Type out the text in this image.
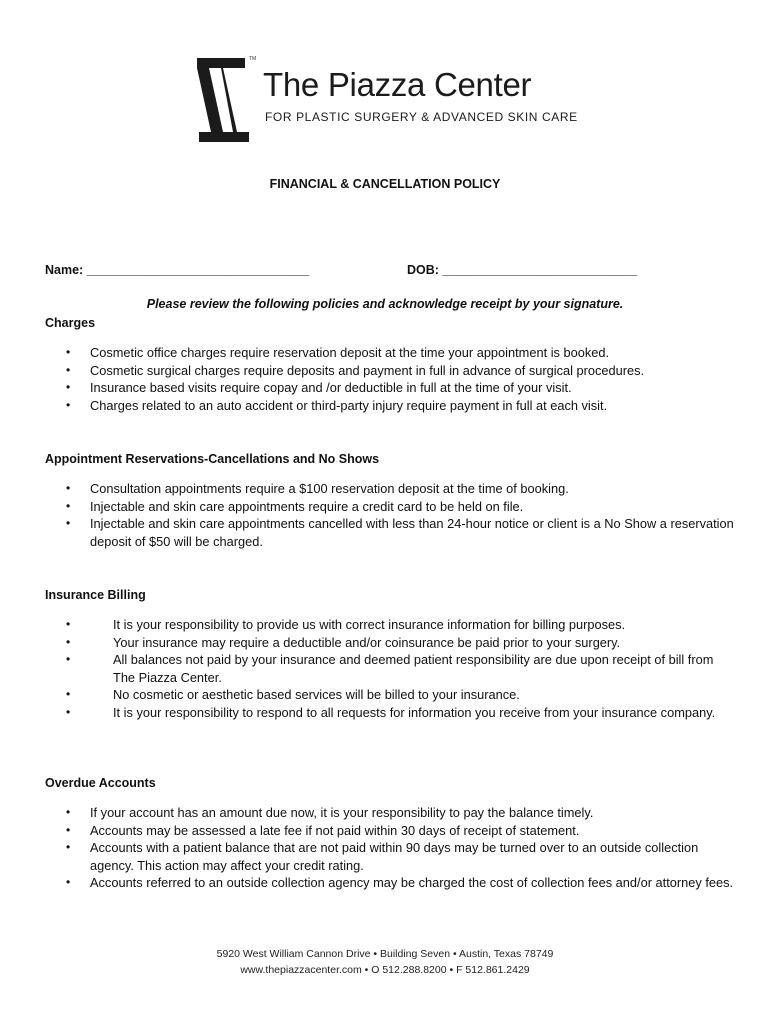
TM
The Piazza Center
FOR PLASTIC SURGERY & ADVANCED SKIN CARE
FINANCIAL & CANCELLATION POLICY
Name: ________________________________	DOB: ____________________________
Please review the following policies and acknowledge receipt by your signature.
Charges
• Cosmetic office charges require reservation deposit at the time your appointment is booked.
• Cosmetic surgical charges require deposits and payment in full in advance of surgical procedures.
• Insurance based visits require copay and /or deductible in full at the time of your visit.
• Charges related to an auto accident or third-party injury require payment in full at each visit.
Appointment Reservations-Cancellations and No Shows
• Consultation appointments require a $100 reservation deposit at the time of booking.
• Injectable and skin care appointments require a credit card to be held on file.
• Injectable and skin care appointments cancelled with less than 24-hour notice or client is a No Show a reservation deposit of $50 will be charged.
Insurance Billing
•	It is your responsibility to provide us with correct insurance information for billing purposes.
•	Your insurance may require a deductible and/or coinsurance be paid prior to your surgery.
•	All balances not paid by your insurance and deemed patient responsibility are due upon receipt of bill from The Piazza Center.
•	No cosmetic or aesthetic based services will be billed to your insurance.
•	It is your responsibility to respond to all requests for information you receive from your insurance company.
Overdue Accounts
• If your account has an amount due now, it is your responsibility to pay the balance timely.
• Accounts may be assessed a late fee if not paid within 30 days of receipt of statement.
• Accounts with a patient balance that are not paid within 90 days may be turned over to an outside collection agency. This action may affect your credit rating.
• Accounts referred to an outside collection agency may be charged the cost of collection fees and/or attorney fees.
5920 West William Cannon Drive • Building Seven • Austin, Texas 78749
www.thepiazzacenter.com • O 512.288.8200 • F 512.861.2429
